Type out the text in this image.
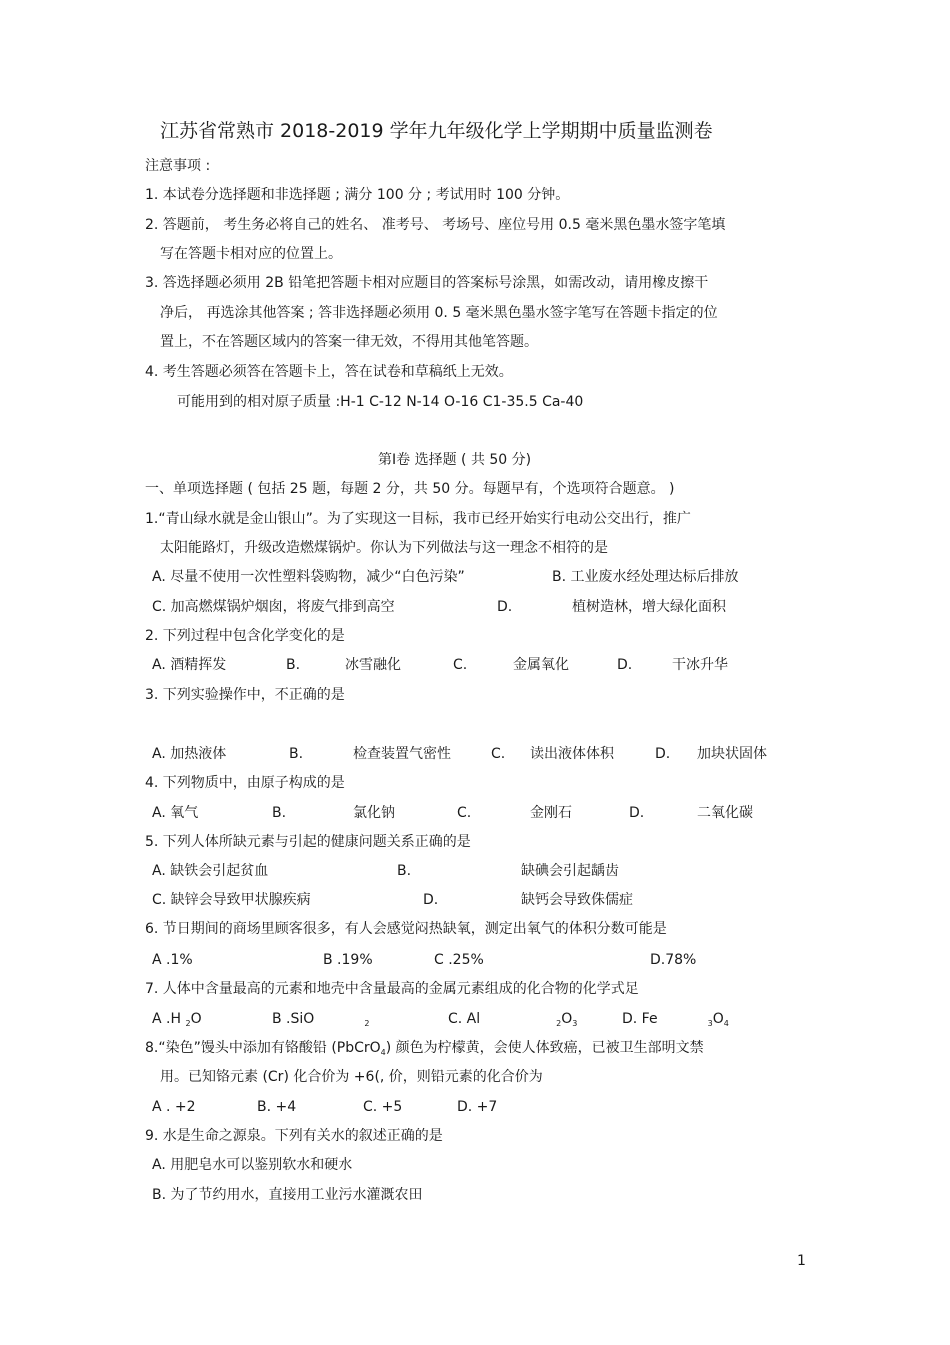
江苏省常熟市 2018-2019 学年九年级化学上学期期中质量监测卷
注意事项 :
1. 本试卷分选择题和非选择题 ; 满分 100 分 ; 考试用时 100 分钟。
2. 答题前， 考生务必将自己的姓名、 准考号、 考场号、座位号用 0.5 毫米黑色墨水签字笔填
写在答题卡相对应的位置上。
3. 答选择题必须用 2B 铅笔把答题卡相对应题目的答案标号涂黑，如需改动，请用橡皮擦干
净后， 再选涂其他答案 ; 答非选择题必须用 0. 5 毫米黑色墨水签字笔写在答题卡指定的位
置上，不在答题区域内的答案一律无效，不得用其他笔答题。
4. 考生答题必须答在答题卡上，答在试卷和草稿纸上无效。
可能用到的相对原子质量 :H-1 C-12 N-14 O-16 C1-35.5 Ca-40
第Ⅰ卷 选择题 ( 共 50 分)
一、单项选择题 ( 包括 25 题，每题 2 分，共 50 分。每题早有，个选项符合题意。 )
1.“青山绿水就是金山银山”。为了实现这一目标，我市已经开始实行电动公交出行，推广
太阳能路灯，升级改造燃煤锅炉。你认为下列做法与这一理念不相符的是
A. 尽量不使用一次性塑料袋购物，减少“白色污染”	B. 工业废水经处理达标后排放
C. 加高燃煤锅炉烟囱，将废气排到高空	D.	植树造林，增大绿化面积
2. 下列过程中包含化学变化的是
A. 酒精挥发	B.	冰雪融化	C.	金属氧化	D.	干冰升华
3. 下列实验操作中，不正确的是
A. 加热液体	B.	检查装置气密性	C. 读出液体体积	D. 加块状固体
4. 下列物质中，由原子构成的是
A. 氧气	B.	氯化钠	C.	金刚石	D.	二氧化碳
5. 下列人体所缺元素与引起的健康问题关系正确的是
A. 缺铁会引起贫血	B.	缺碘会引起龋齿
C. 缺锌会导致甲状腺疾病	D.	缺钙会导致侏儒症
6. 节日期间的商场里顾客很多，有人会感觉闷热缺氧，测定出氧气的体积分数可能是
A .1%	B .19%	C .25%	D.78%
7. 人体中含量最高的元素和地壳中含量最高的金属元素组成的化合物的化学式足
A .H $_2$O	B .SiO	$_2$	C. Al	$_2O_3$	D. Fe	$_3O_4$
8.“染色”馒头中添加有铬酸铅 (PbCrO$_4$) 颜色为柠檬黄，会使人体致癌，已被卫生部明文禁
用。已知铬元素 (Cr) 化合价为 +6(, 价，则铅元素的化合价为
A . +2	B. +4	C. +5	D. +7
9. 水是生命之源泉。下列有关水的叙述正确的是
A. 用肥皂水可以鉴别软水和硬水
B. 为了节约用水，直接用工业污水灌溉农田
1
